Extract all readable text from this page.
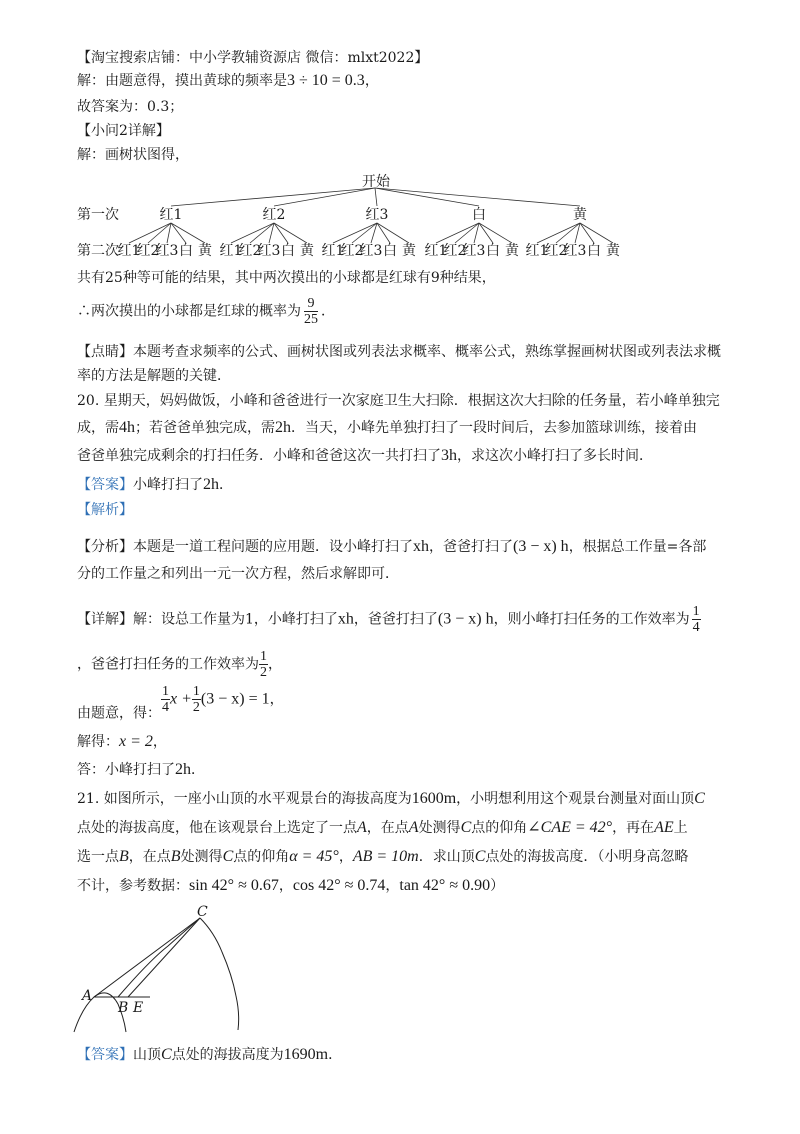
【淘宝搜索店铺：中小学教辅资源店 微信：mlxt2022】
解：由题意得，摸出黄球的频率是3 ÷ 10 = 0.3，
故答案为：0.3；
【小问2详解】
解：画树状图得，
开始
第一次
第二次
红1
红1
红2
红3 白 黄
红2
红1
红2
红3 白 黄
红3
红1
红2
红3 白 黄
白
红1
红2
红3 白 黄
黄
红1
红2
红3 白 黄
共有25种等可能的结果，其中两次摸出的小球都是红球有9种结果，
∴两次摸出的小球都是红球的概率为 $\frac{9}{25}$ ．
【点睛】本题考查求频率的公式、画树状图或列表法求概率、概率公式，熟练掌握画树状图或列表法求概
率的方法是解题的关键．
20. 星期天，妈妈做饭，小峰和爸爸进行一次家庭卫生大扫除．根据这次大扫除的任务量，若小峰单独完
成，需4h；若爸爸单独完成，需2h．当天，小峰先单独打扫了一段时间后，去参加篮球训练，接着由
爸爸单独完成剩余的打扫任务．小峰和爸爸这次一共打扫了3h，求这次小峰打扫了多长时间．
【答案】小峰打扫了2h．
【解析】
【分析】本题是一道工程问题的应用题．设小峰打扫了xh，爸爸打扫了(3 − x) h，根据总工作量=各部
分的工作量之和列出一元一次方程，然后求解即可．
【详解】解：设总工作量为1，小峰打扫了xh，爸爸打扫了(3 − x) h，则小峰打扫任务的工作效率为 $\frac{1}{4}$
，爸爸打扫任务的工作效率为 $\frac{1}{2}$ ，
由题意，得： $\frac{1}{4}$ $x + \frac{1}{2} (3 - x) = 1$，
解得：x = 2，
答：小峰打扫了2h．
21. 如图所示，一座小山顶的水平观景台的海拔高度为1600m，小明想利用这个观景台测量对面山顶C
点处的海拔高度，他在该观景台上选定了一点A，在点A处测得C点的仰角∠CAE = 42°，再在AE上
选一点B，在点B处测得C点的仰角α = 45°，AB = 10m．求山顶C点处的海拔高度．（小明身高忽略
不计，参考数据：sin 42° ≈ 0.67，cos 42° ≈ 0.74，tan 42° ≈ 0.90）
C
A
B E
【答案】山顶C点处的海拔高度为1690m．
